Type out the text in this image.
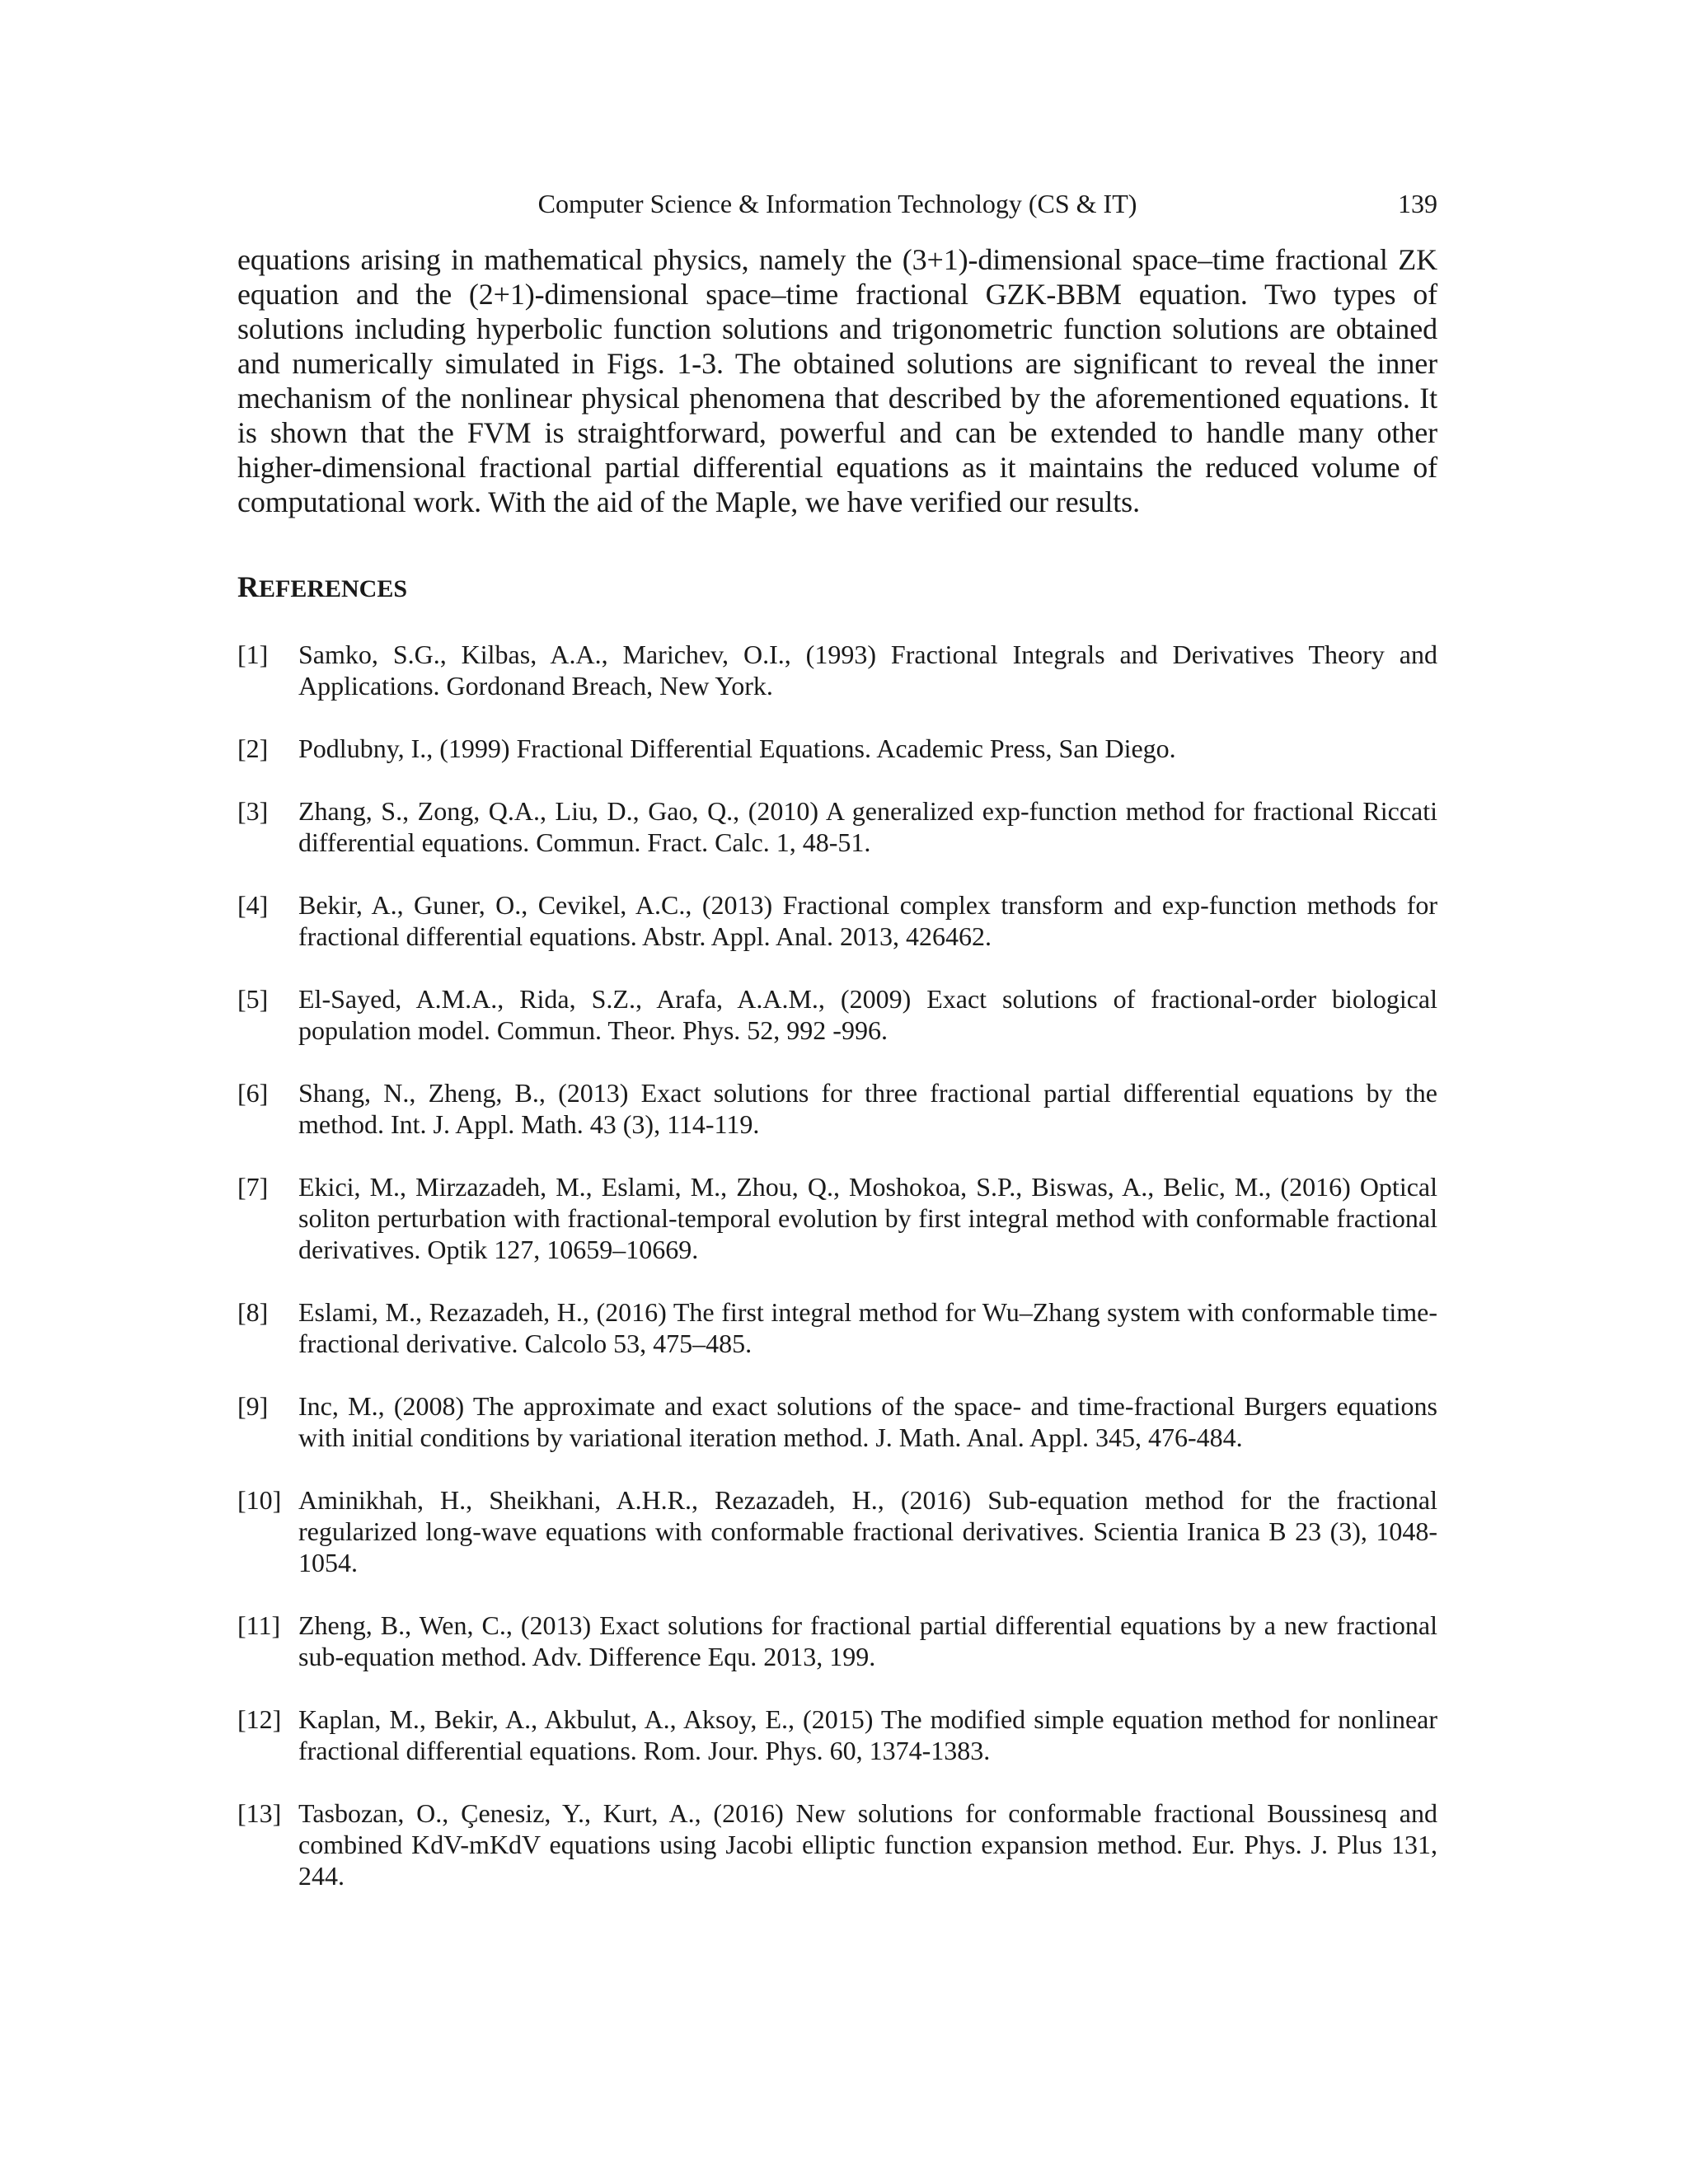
Computer Science & Information Technology (CS & IT)	139

equations arising in mathematical physics, namely the (3+1)-dimensional space–time fractional ZK equation and the (2+1)-dimensional space–time fractional GZK-BBM equation. Two types of solutions including hyperbolic function solutions and trigonometric function solutions are obtained and numerically simulated in Figs. 1-3. The obtained solutions are significant to reveal the inner mechanism of the nonlinear physical phenomena that described by the aforementioned equations. It is shown that the FVM is straightforward, powerful and can be extended to handle many other higher-dimensional fractional partial differential equations as it maintains the reduced volume of computational work. With the aid of the Maple, we have verified our results.

REFERENCES
[1] Samko, S.G., Kilbas, A.A., Marichev, O.I., (1993) Fractional Integrals and Derivatives Theory and Applications. Gordonand Breach, New York.
[2] Podlubny, I., (1999) Fractional Differential Equations. Academic Press, San Diego.
[3] Zhang, S., Zong, Q.A., Liu, D., Gao, Q., (2010) A generalized exp-function method for fractional Riccati differential equations. Commun. Fract. Calc. 1, 48-51.
[4] Bekir, A., Guner, O., Cevikel, A.C., (2013) Fractional complex transform and exp-function methods for fractional differential equations. Abstr. Appl. Anal. 2013, 426462.
[5] El-Sayed, A.M.A., Rida, S.Z., Arafa, A.A.M., (2009) Exact solutions of fractional-order biological population model. Commun. Theor. Phys. 52, 992 -996.
[6] Shang, N., Zheng, B., (2013) Exact solutions for three fractional partial differential equations by the method. Int. J. Appl. Math. 43 (3), 114-119.
[7] Ekici, M., Mirzazadeh, M., Eslami, M., Zhou, Q., Moshokoa, S.P., Biswas, A., Belic, M., (2016) Optical soliton perturbation with fractional-temporal evolution by first integral method with conformable fractional derivatives. Optik 127, 10659–10669.
[8] Eslami, M., Rezazadeh, H., (2016) The first integral method for Wu–Zhang system with conformable time-fractional derivative. Calcolo 53, 475–485.
[9] Inc, M., (2008) The approximate and exact solutions of the space- and time-fractional Burgers equations with initial conditions by variational iteration method. J. Math. Anal. Appl. 345, 476-484.
[10] Aminikhah, H., Sheikhani, A.H.R., Rezazadeh, H., (2016) Sub-equation method for the fractional regularized long-wave equations with conformable fractional derivatives. Scientia Iranica B 23 (3), 1048-1054.
[11] Zheng, B., Wen, C., (2013) Exact solutions for fractional partial differential equations by a new fractional sub-equation method. Adv. Difference Equ. 2013, 199.
[12] Kaplan, M., Bekir, A., Akbulut, A., Aksoy, E., (2015) The modified simple equation method for nonlinear fractional differential equations. Rom. Jour. Phys. 60, 1374-1383.
[13] Tasbozan, O., Çenesiz, Y., Kurt, A., (2016) New solutions for conformable fractional Boussinesq and combined KdV-mKdV equations using Jacobi elliptic function expansion method. Eur. Phys. J. Plus 131, 244.
